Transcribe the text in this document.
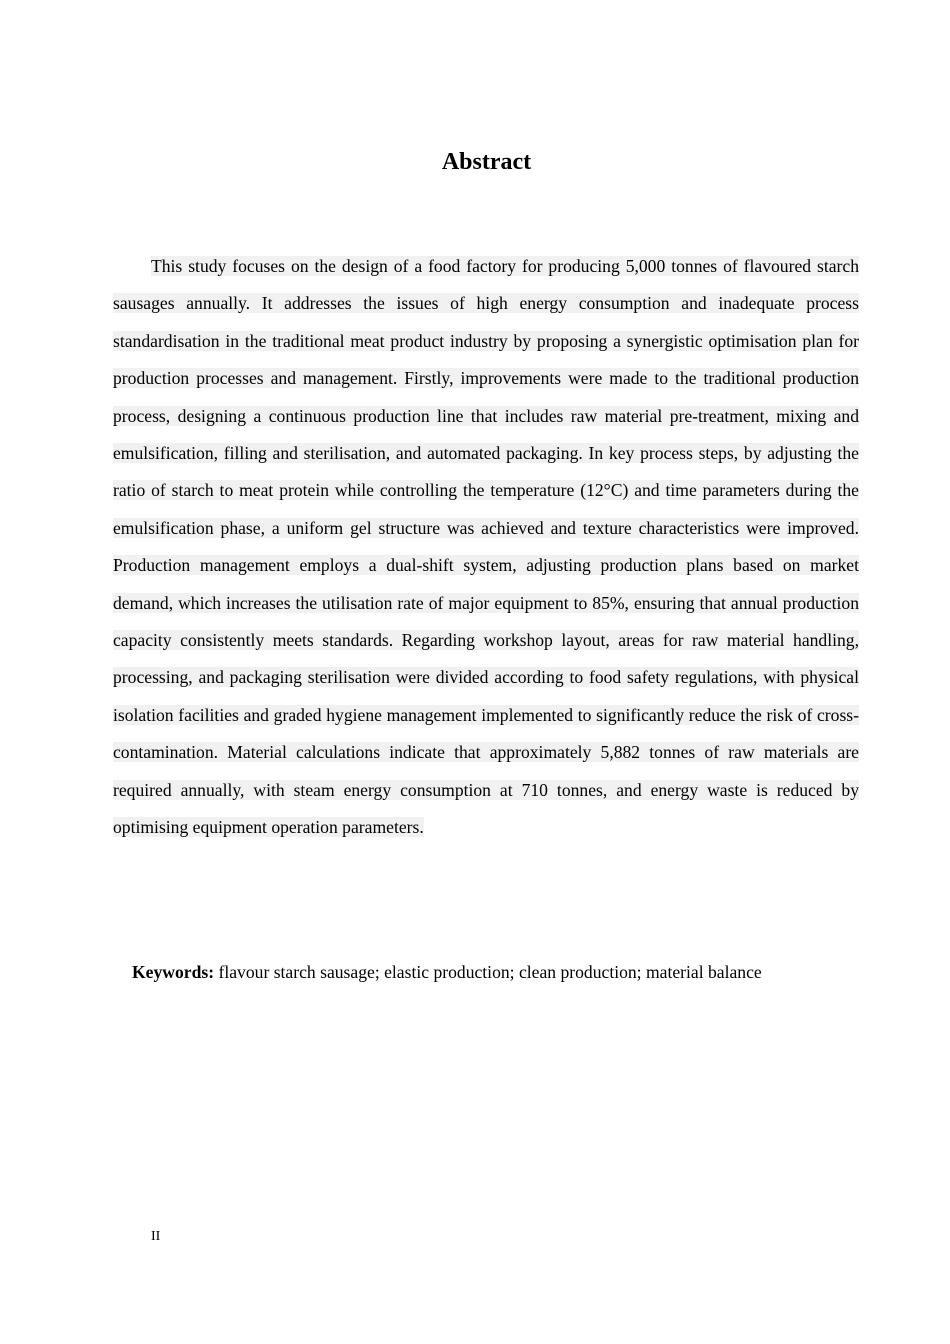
Abstract

This study focuses on the design of a food factory for producing 5,000 tonnes of flavoured starch sausages annually. It addresses the issues of high energy consumption and inadequate process standardisation in the traditional meat product industry by proposing a synergistic optimisation plan for production processes and management. Firstly, improvements were made to the traditional production process, designing a continuous production line that includes raw material pre-treatment, mixing and emulsification, filling and sterilisation, and automated packaging. In key process steps, by adjusting the ratio of starch to meat protein while controlling the temperature (12°C) and time parameters during the emulsification phase, a uniform gel structure was achieved and texture characteristics were improved. Production management employs a dual-shift system, adjusting production plans based on market demand, which increases the utilisation rate of major equipment to 85%, ensuring that annual production capacity consistently meets standards. Regarding workshop layout, areas for raw material handling, processing, and packaging sterilisation were divided according to food safety regulations, with physical isolation facilities and graded hygiene management implemented to significantly reduce the risk of cross-contamination. Material calculations indicate that approximately 5,882 tonnes of raw materials are required annually, with steam energy consumption at 710 tonnes, and energy waste is reduced by optimising equipment operation parameters.

Keywords: flavour starch sausage; elastic production; clean production; material balance

II
